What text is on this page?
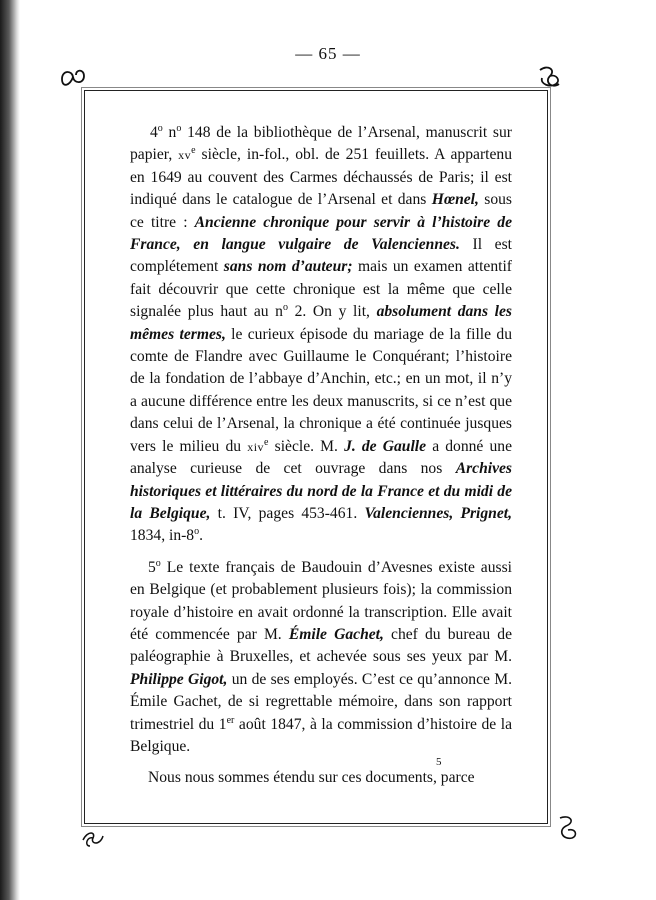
— 65 —

4$^o$ $n^o$ 148 de la bibliothèque de l’Arsenal, manuscrit sur papier, $xv^e$ siècle, in-fol., obl. de 251 feuillets. A appartenu en 1649 au couvent des Carmes déchaussés de Paris; il est indiqué dans le catalogue de l’Arsenal et dans Hœnel, sous ce titre : Ancienne chronique pour servir à l’histoire de France, en langue vulgaire de Valenciennes. Il est complétement sans nom d’auteur; mais un examen attentif fait découvrir que cette chronique est la même que celle signalée plus haut au $n^o$ 2. On y lit, absolument dans les mêmes termes, le curieux épisode du mariage de la fille du comte de Flandre avec Guillaume le Conquérant; l’histoire de la fondation de l’abbaye d’Anchin, etc.; en un mot, il n’y a aucune différence entre les deux manuscrits, si ce n’est que dans celui de l’Arsenal, la chronique a été continuée jusques vers le milieu du xiv$^e$ siècle. M. J. de Gaulle a donné une analyse curieuse de cet ouvrage dans nos Archives historiques et littéraires du nord de la France et du midi de la Belgique, t. IV, pages 453-461. Valenciennes, Prignet, 1834, in-8$^o$.

5$^o$ Le texte français de Baudouin d’Avesnes existe aussi en Belgique (et probablement plusieurs fois); la commission royale d’histoire en avait ordonné la transcription. Elle avait été commencée par M. Émile Gachet, chef du bureau de paléographie à Bruxelles, et achevée sous ses yeux par M. Philippe Gigot, un de ses employés. C’est ce qu’annonce M. Émile Gachet, de si regrettable mémoire, dans son rapport trimestriel du 1er août 1847, à la commission d’histoire de la Belgique.

Nous nous sommes étendu sur ces documents, parce

5
